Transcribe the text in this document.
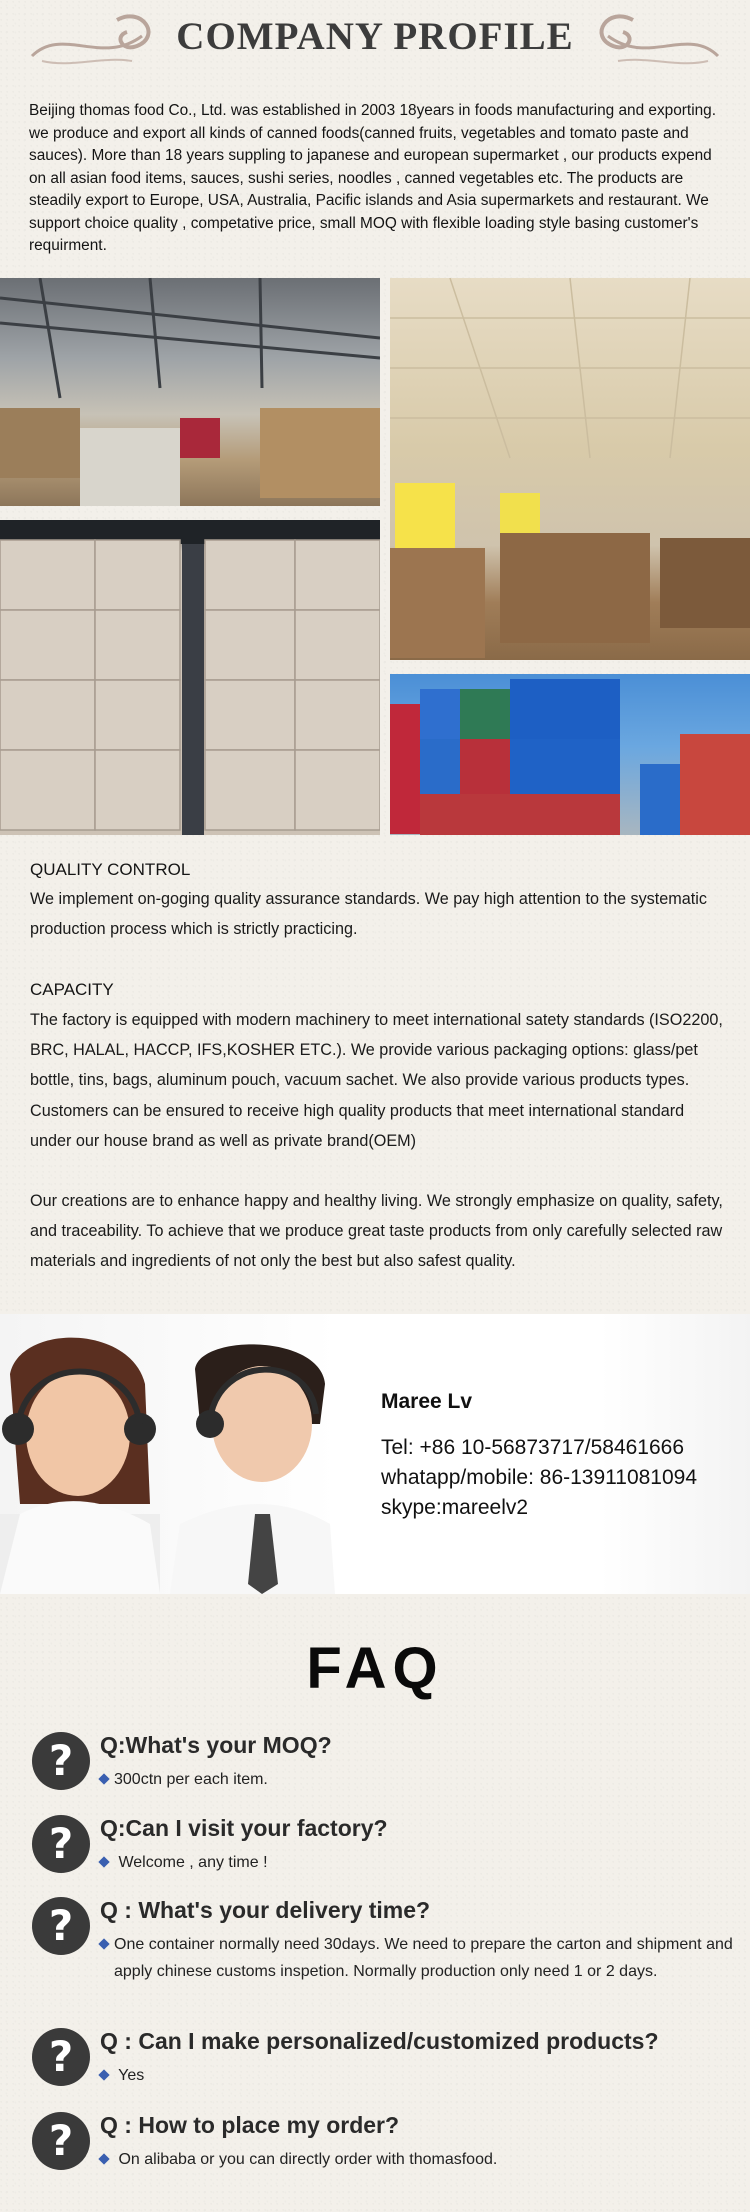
COMPANY PROFILE
Beijing thomas food Co., Ltd. was established in 2003 18years in foods manufacturing and exporting. we produce and export all kinds of canned foods(canned fruits, vegetables and tomato paste and sauces). More than 18 years suppling to japanese and european supermarket , our products expend on all asian food items, sauces, sushi series, noodles , canned vegetables etc. The products are steadily export to Europe, USA, Australia, Pacific islands and Asia supermarkets and restaurant. We support choice quality , competative price, small MOQ with flexible loading style basing customer's requirment.
QUALITY CONTROL
We implement on-goging quality assurance standards. We pay high attention to the systematic production process which is strictly practicing.
CAPACITY
The factory is equipped with modern machinery to meet international satety standards (ISO2200, BRC, HALAL, HACCP, IFS,KOSHER ETC.). We provide various packaging options: glass/pet bottle, tins, bags, aluminum pouch, vacuum sachet. We also provide various products types. Customers can be ensured to receive high quality products that meet international standard under our house brand as well as private brand(OEM)
Our creations are to enhance happy and healthy living. We strongly emphasize on quality, safety, and traceability. To achieve that we produce great taste products from only carefully selected raw materials and ingredients of not only the best but also safest quality.
Maree Lv
Tel: +86 10-56873717/58461666
whatapp/mobile: 86-13911081094
skype:mareelv2
FAQ
?	Q:What's your MOQ?
300ctn per each item.
?	Q:Can I visit your factory?
Welcome , any time !
?	Q : What's your delivery time?
One container normally need 30days. We need to prepare the carton and shipment and apply chinese customs inspetion. Normally production only need 1 or 2 days.
?	Q : Can I make personalized/customized products?
Yes
?	Q : How to place my order?
On alibaba or you can directly order with thomasfood.
